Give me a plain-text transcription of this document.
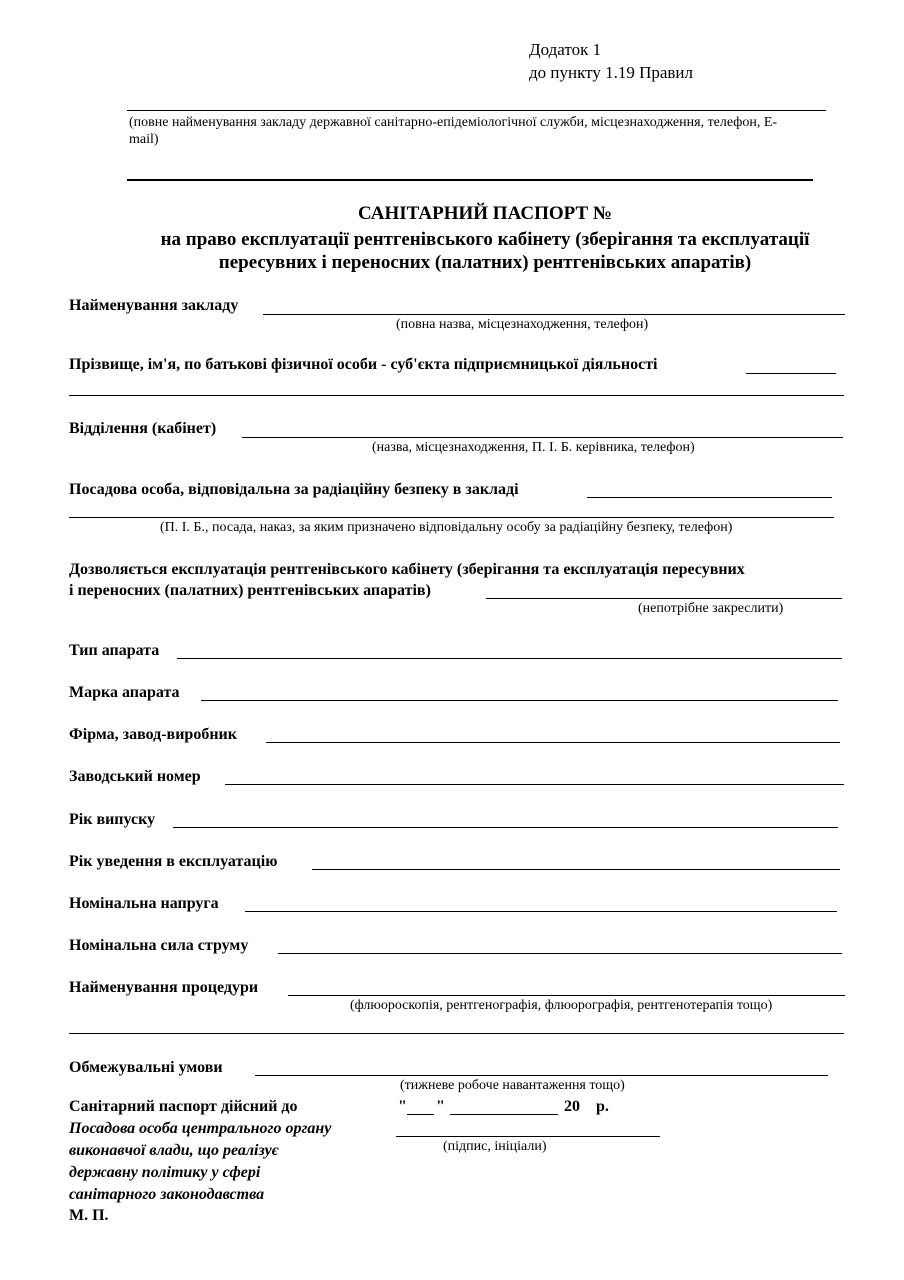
Додаток 1
до пункту 1.19 Правил
(повне найменування закладу державної санітарно-епідеміологічної служби, місцезнаходження, телефон, E-
mail)
САНІТАРНИЙ ПАСПОРТ №
на право експлуатації рентгенівського кабінету (зберігання та експлуатації
пересувних і переносних (палатних) рентгенівських апаратів)
Найменування закладу
(повна назва, місцезнаходження, телефон)
Прізвище, ім'я, по батькові фізичної особи - суб'єкта підприємницької діяльності
Відділення (кабінет)
(назва, місцезнаходження, П. І. Б. керівника, телефон)
Посадова особа, відповідальна за радіаційну безпеку в закладі
(П. І. Б., посада, наказ, за яким призначено відповідальну особу за радіаційну безпеку, телефон)
Дозволяється експлуатація рентгенівського кабінету (зберігання та експлуатація пересувних
і переносних (палатних) рентгенівських апаратів)
(непотрібне закреслити)
Тип апарата
Марка апарата
Фірма, завод-виробник
Заводський номер
Рік випуску
Рік уведення в експлуатацію
Номінальна напруга
Номінальна сила струму
Найменування процедури
(флюороскопія, рентгенографія, флюорографія, рентгенотерапія тощо)
Обмежувальні умови
(тижневе робоче навантаження тощо)
Санітарний паспорт дійсний до	" "	20 р.
Посадова особа центрального органу
виконавчої влади, що реалізує
державну політику у сфері
санітарного законодавства
М. П.
(підпис, ініціали)
